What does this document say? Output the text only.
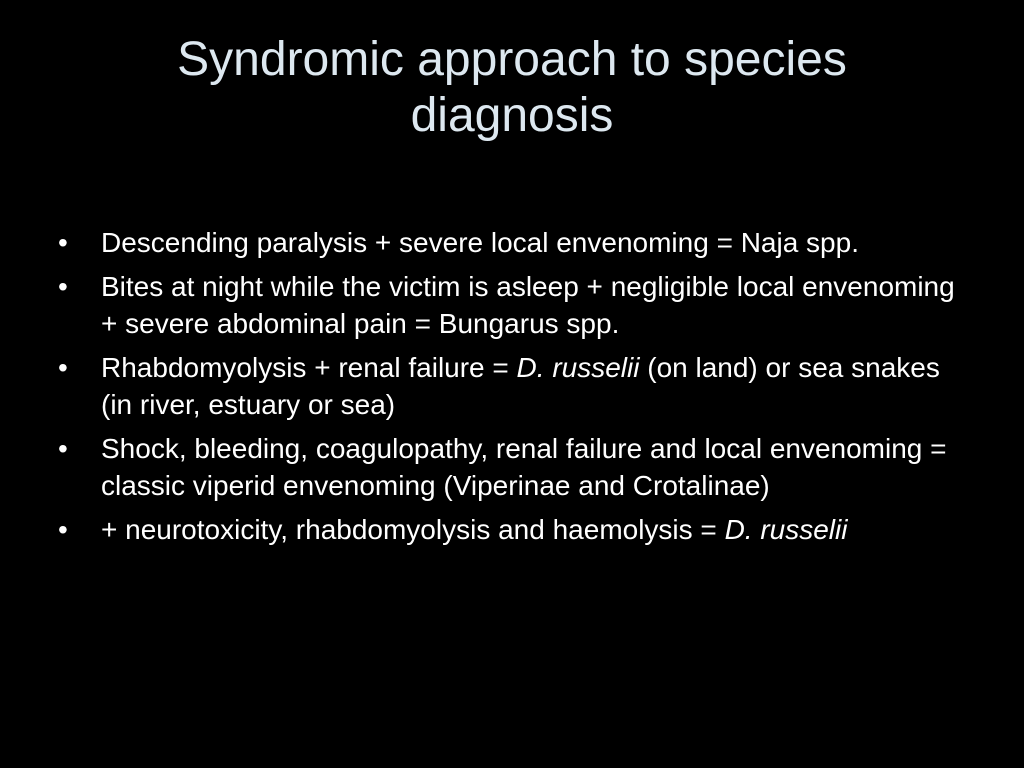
Syndromic approach to species
diagnosis
•	Descending paralysis + severe local envenoming = Naja spp.
•	Bites at night while the victim is asleep + negligible local envenoming + severe abdominal pain = Bungarus spp.
•	Rhabdomyolysis + renal failure = D. russelii (on land) or sea snakes (in river, estuary or sea)
•	Shock, bleeding, coagulopathy, renal failure and local envenoming = classic viperid envenoming (Viperinae and Crotalinae)
•	+ neurotoxicity, rhabdomyolysis and haemolysis = D. russelii
